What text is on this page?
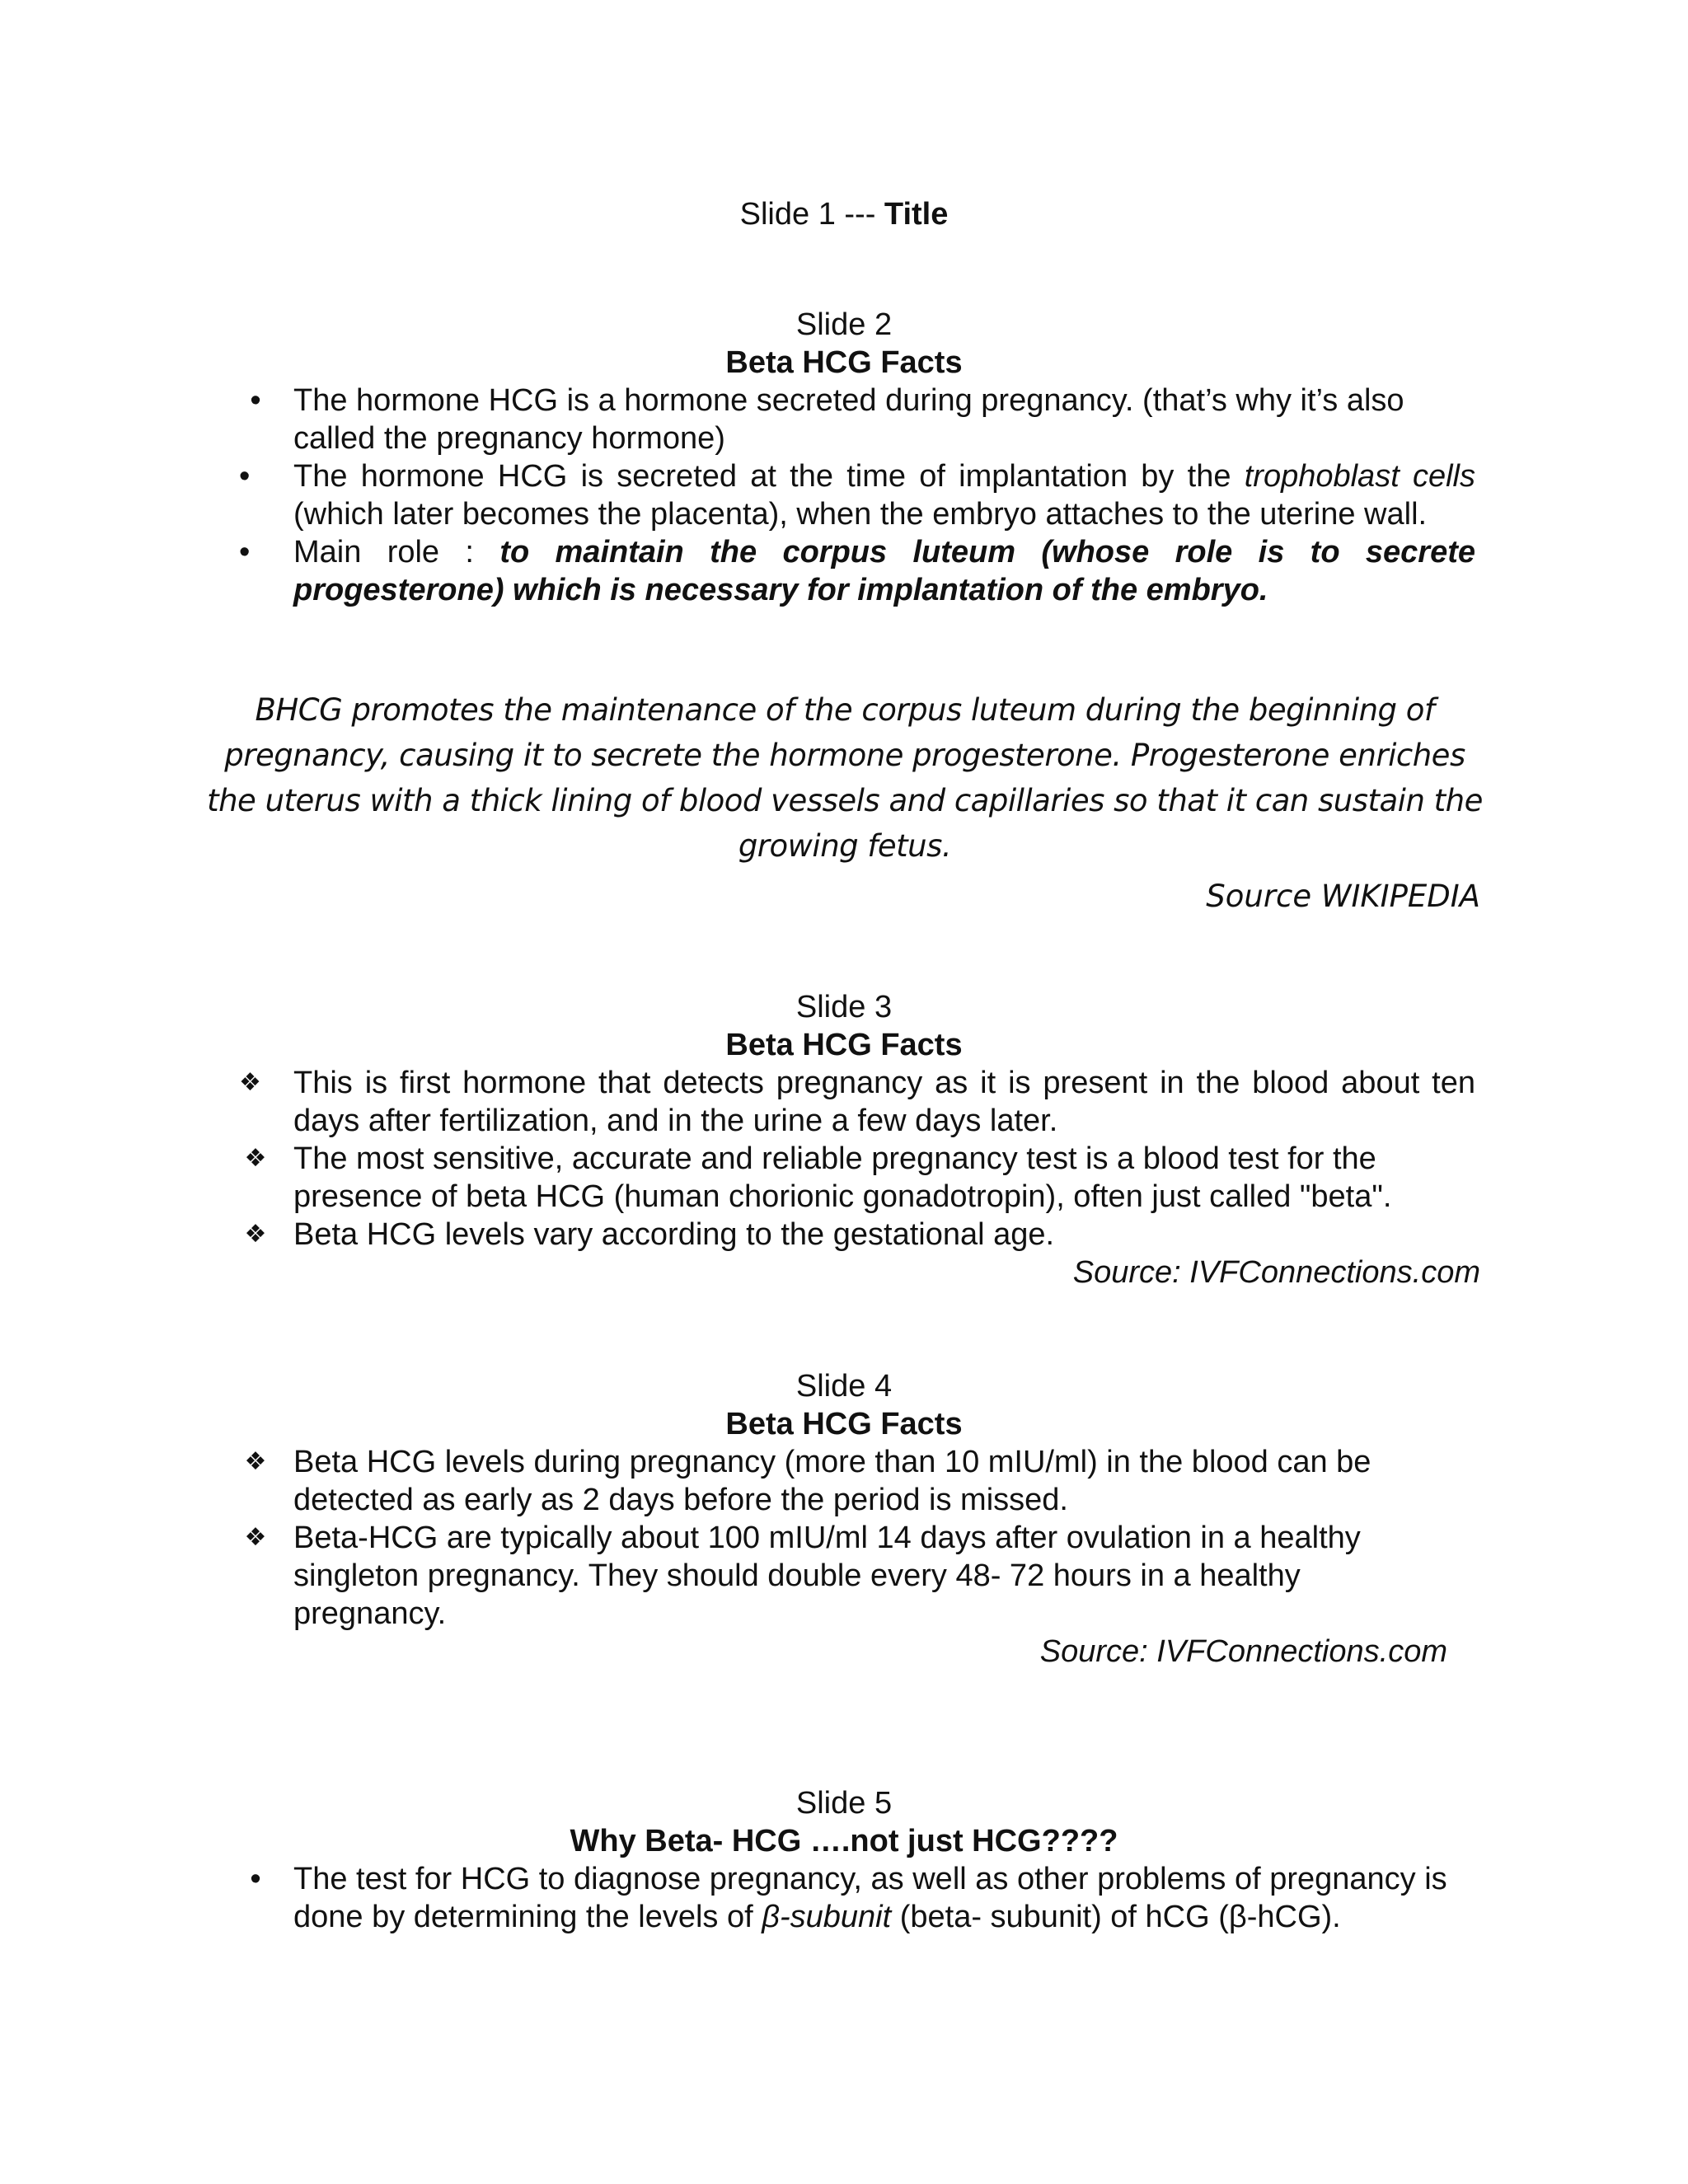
Slide 1 --- Title
Slide 2
Beta HCG Facts
•	The hormone HCG is a hormone secreted during pregnancy. (that’s why it’s also called the pregnancy hormone)
•	The hormone HCG is secreted at the time of implantation by the trophoblast cells (which later becomes the placenta), when the embryo attaches to the uterine wall.
•	Main role : to maintain the corpus luteum (whose role is to secrete progesterone) which is necessary for implantation of the embryo.
BHCG promotes the maintenance of the corpus luteum during the beginning of pregnancy, causing it to secrete the hormone progesterone. Progesterone enriches the uterus with a thick lining of blood vessels and capillaries so that it can sustain the growing fetus.
Source WIKIPEDIA
Slide 3
Beta HCG Facts
❖	This is first hormone that detects pregnancy as it is present in the blood about ten days after fertilization, and in the urine a few days later.
❖ The most sensitive, accurate and reliable pregnancy test is a blood test for the presence of beta HCG (human chorionic gonadotropin), often just called "beta".
❖ Beta HCG levels vary according to the gestational age.
Source: IVFConnections.com
Slide 4
Beta HCG Facts
❖ Beta HCG levels during pregnancy (more than 10 mIU/ml) in the blood can be detected as early as 2 days before the period is missed.
❖ Beta-HCG are typically about 100 mIU/ml 14 days after ovulation in a healthy singleton pregnancy. They should double every 48- 72 hours in a healthy pregnancy.
Source: IVFConnections.com
Slide 5
Why Beta- HCG ….not just HCG????
•	The test for HCG to diagnose pregnancy, as well as other problems of pregnancy is done by determining the levels of β-subunit (beta- subunit) of hCG (β-hCG).
